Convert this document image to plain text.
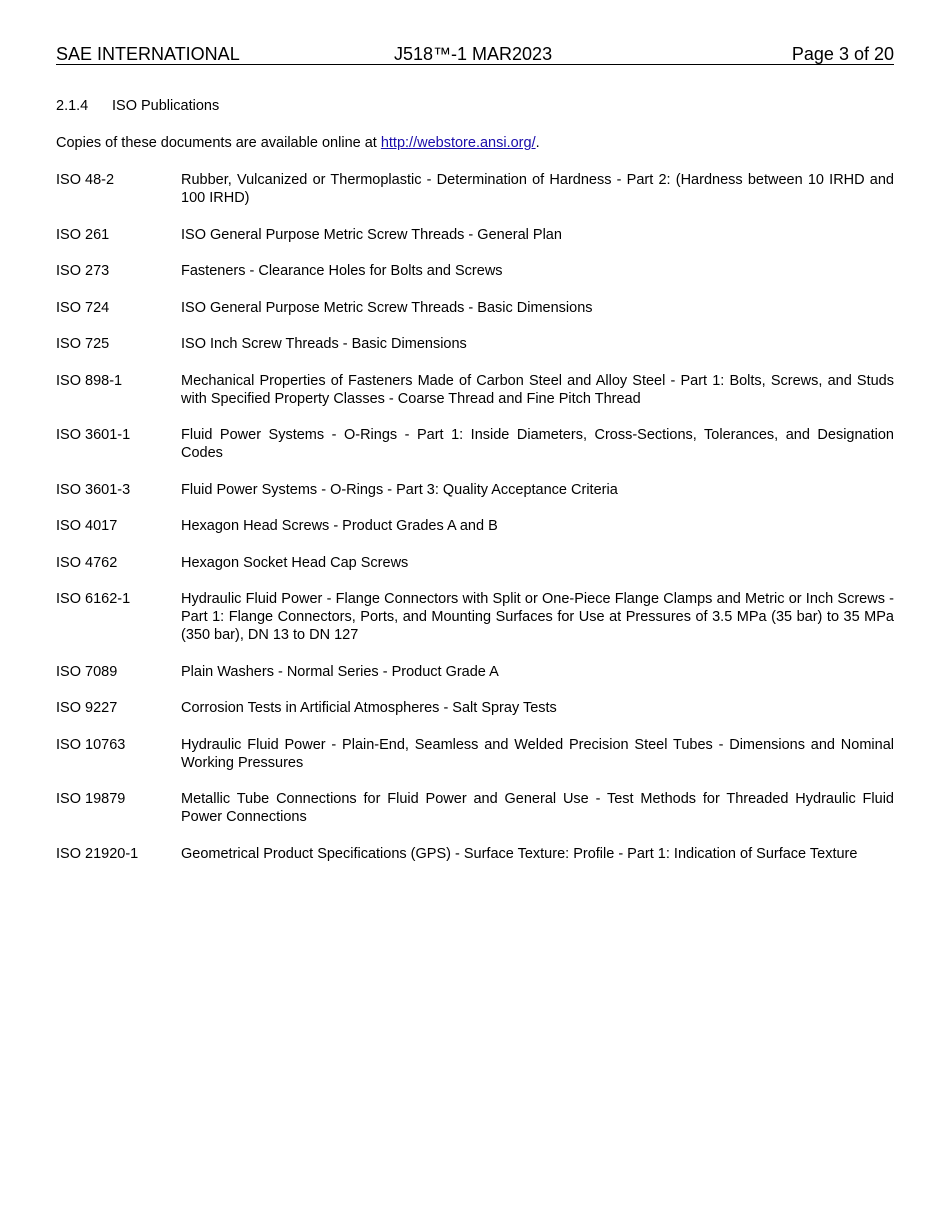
SAE INTERNATIONAL	J518™-1 MAR2023	Page 3 of 20
2.1.4 ISO Publications
Copies of these documents are available online at http://webstore.ansi.org/.
ISO 48-2	Rubber, Vulcanized or Thermoplastic - Determination of Hardness - Part 2: (Hardness between 10 IRHD and 100 IRHD)
ISO 261	ISO General Purpose Metric Screw Threads - General Plan
ISO 273	Fasteners - Clearance Holes for Bolts and Screws
ISO 724	ISO General Purpose Metric Screw Threads - Basic Dimensions
ISO 725	ISO Inch Screw Threads - Basic Dimensions
ISO 898-1	Mechanical Properties of Fasteners Made of Carbon Steel and Alloy Steel - Part 1: Bolts, Screws, and Studs with Specified Property Classes - Coarse Thread and Fine Pitch Thread
ISO 3601-1	Fluid Power Systems - O-Rings - Part 1: Inside Diameters, Cross-Sections, Tolerances, and Designation Codes
ISO 3601-3	Fluid Power Systems - O-Rings - Part 3: Quality Acceptance Criteria
ISO 4017	Hexagon Head Screws - Product Grades A and B
ISO 4762	Hexagon Socket Head Cap Screws
ISO 6162-1	Hydraulic Fluid Power - Flange Connectors with Split or One-Piece Flange Clamps and Metric or Inch Screws - Part 1: Flange Connectors, Ports, and Mounting Surfaces for Use at Pressures of 3.5 MPa (35 bar) to 35 MPa (350 bar), DN 13 to DN 127
ISO 7089	Plain Washers - Normal Series - Product Grade A
ISO 9227	Corrosion Tests in Artificial Atmospheres - Salt Spray Tests
ISO 10763	Hydraulic Fluid Power - Plain-End, Seamless and Welded Precision Steel Tubes - Dimensions and Nominal Working Pressures
ISO 19879	Metallic Tube Connections for Fluid Power and General Use - Test Methods for Threaded Hydraulic Fluid Power Connections
ISO 21920-1	Geometrical Product Specifications (GPS) - Surface Texture: Profile - Part 1: Indication of Surface Texture
